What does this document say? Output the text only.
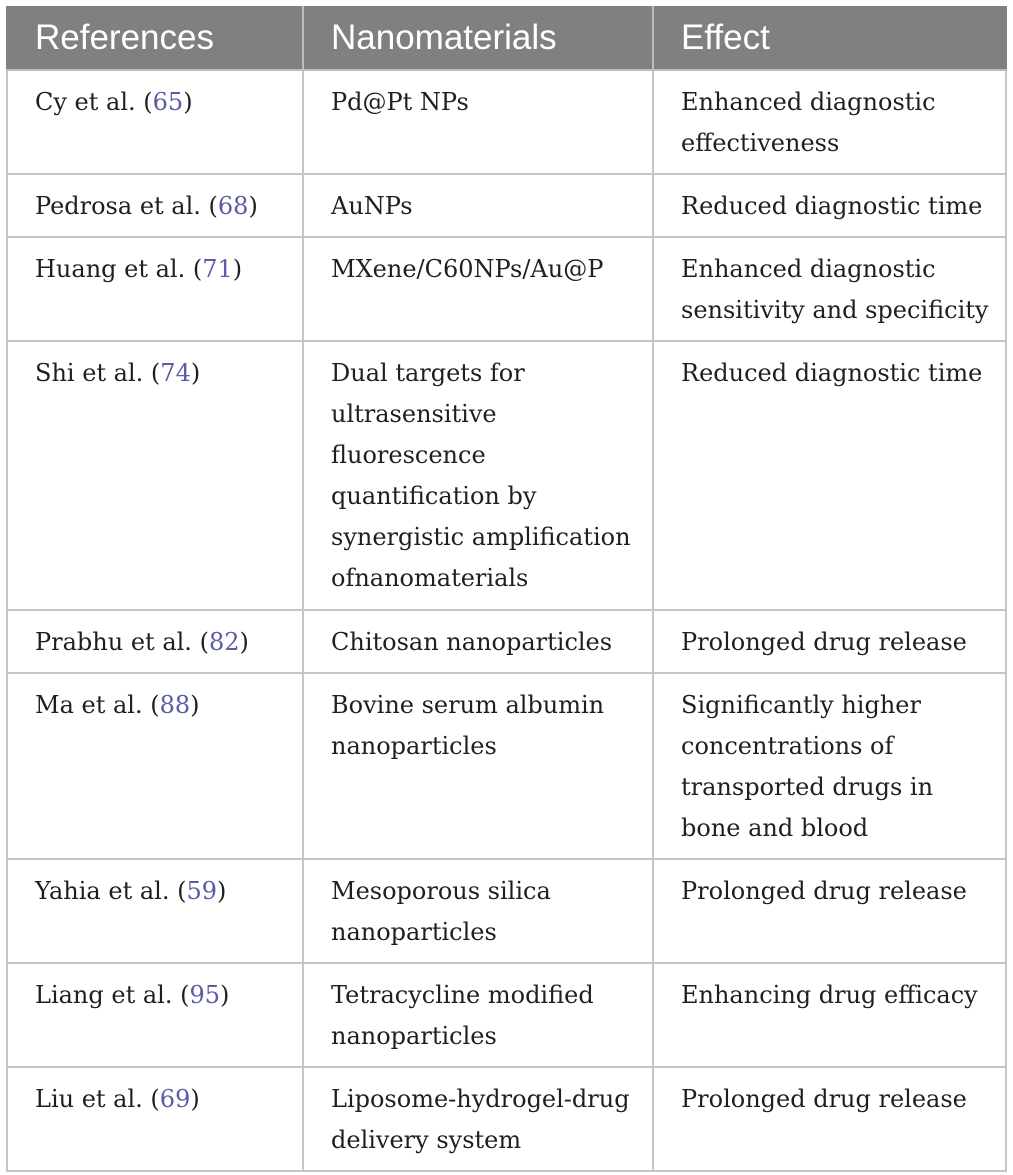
References	Nanomaterials	Effect
Cy et al. (65)	Pd@Pt NPs	Enhanced diagnostic effectiveness
Pedrosa et al. (68)	AuNPs	Reduced diagnostic time
Huang et al. (71)	MXene/C60NPs/Au@P	Enhanced diagnostic sensitivity and specificity
Shi et al. (74)	Dual targets for ultrasensitive fluorescence quantification by synergistic amplification ofnanomaterials	Reduced diagnostic time
Prabhu et al. (82)	Chitosan nanoparticles	Prolonged drug release
Ma et al. (88)	Bovine serum albumin nanoparticles	Significantly higher concentrations of transported drugs in bone and blood
Yahia et al. (59)	Mesoporous silica nanoparticles	Prolonged drug release
Liang et al. (95)	Tetracycline modified nanoparticles	Enhancing drug efficacy
Liu et al. (69)	Liposome-hydrogel-drug delivery system	Prolonged drug release
